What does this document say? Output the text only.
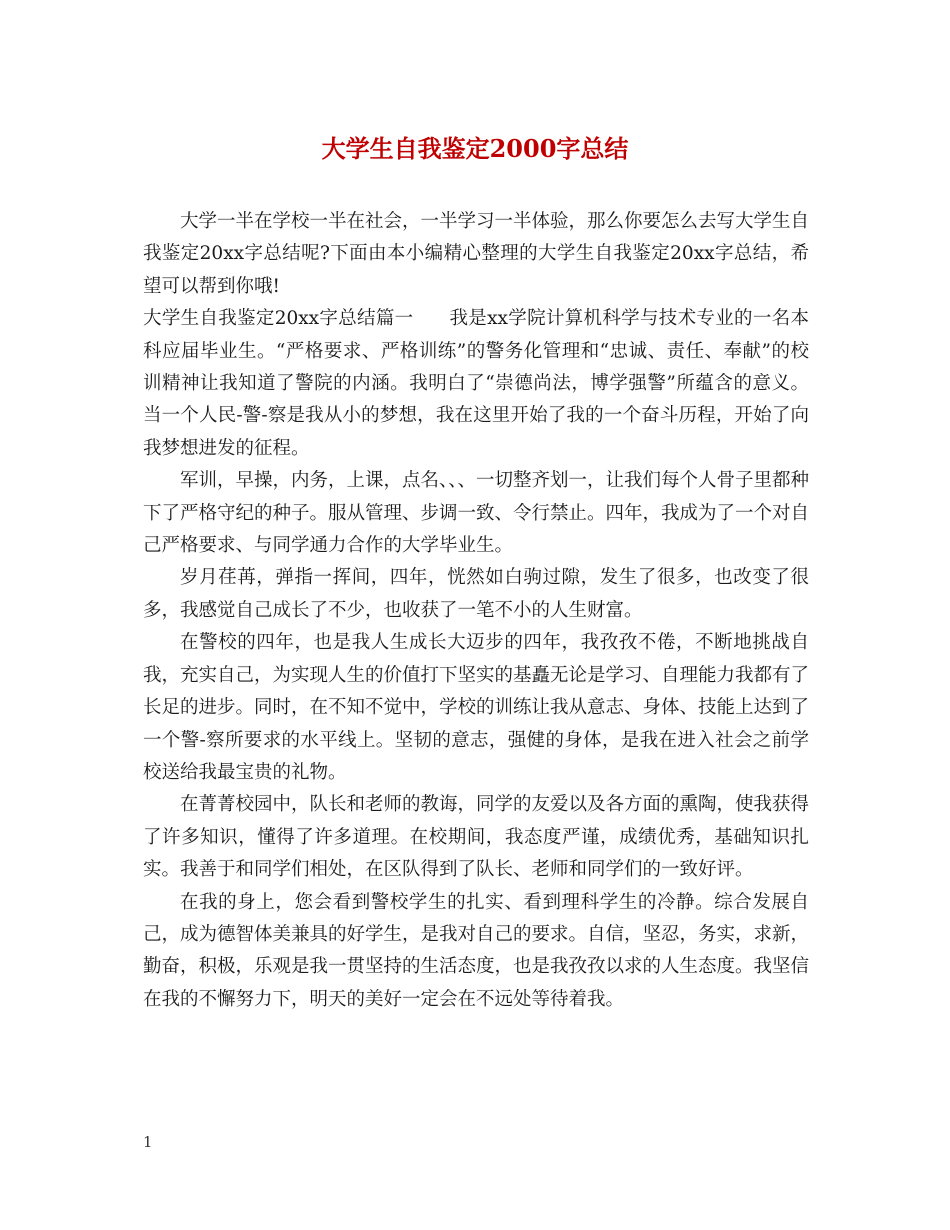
大学生自我鉴定2000字总结

大学一半在学校一半在社会，一半学习一半体验，那么你要怎么去写大学生自我鉴定20xx字总结呢?下面由本小编精心整理的大学生自我鉴定20xx字总结，希望可以帮到你哦!

大学生自我鉴定20xx字总结篇一 我是xx学院计算机科学与技术专业的一名本科应届毕业生。“严格要求、严格训练”的警务化管理和“忠诚、责任、奉献”的校训精神让我知道了警院的内涵。我明白了“崇德尚法，博学强警”所蕴含的意义。当一个人民-警-察是我从小的梦想，我在这里开始了我的一个奋斗历程，开始了向我梦想进发的征程。

军训，早操，内务，上课，点名、、、一切整齐划一，让我们每个人骨子里都种下了严格守纪的种子。服从管理、步调一致、令行禁止。四年，我成为了一个对自己严格要求、与同学通力合作的大学毕业生。

岁月荏苒，弹指一挥间，四年，恍然如白驹过隙，发生了很多，也改变了很多，我感觉自己成长了不少，也收获了一笔不小的人生财富。

在警校的四年，也是我人生成长大迈步的四年，我孜孜不倦，不断地挑战自我，充实自己，为实现人生的价值打下坚实的基矗无论是学习、自理能力我都有了长足的进步。同时，在不知不觉中，学校的训练让我从意志、身体、技能上达到了一个警-察所要求的水平线上。坚韧的意志，强健的身体，是我在进入社会之前学校送给我最宝贵的礼物。

在菁菁校园中，队长和老师的教诲，同学的友爱以及各方面的熏陶，使我获得了许多知识，懂得了许多道理。在校期间，我态度严谨，成绩优秀，基础知识扎实。我善于和同学们相处，在区队得到了队长、老师和同学们的一致好评。

在我的身上，您会看到警校学生的扎实、看到理科学生的冷静。综合发展自己，成为德智体美兼具的好学生，是我对自己的要求。自信，坚忍，务实，求新，勤奋，积极，乐观是我一贯坚持的生活态度，也是我孜孜以求的人生态度。我坚信在我的不懈努力下，明天的美好一定会在不远处等待着我。

1
